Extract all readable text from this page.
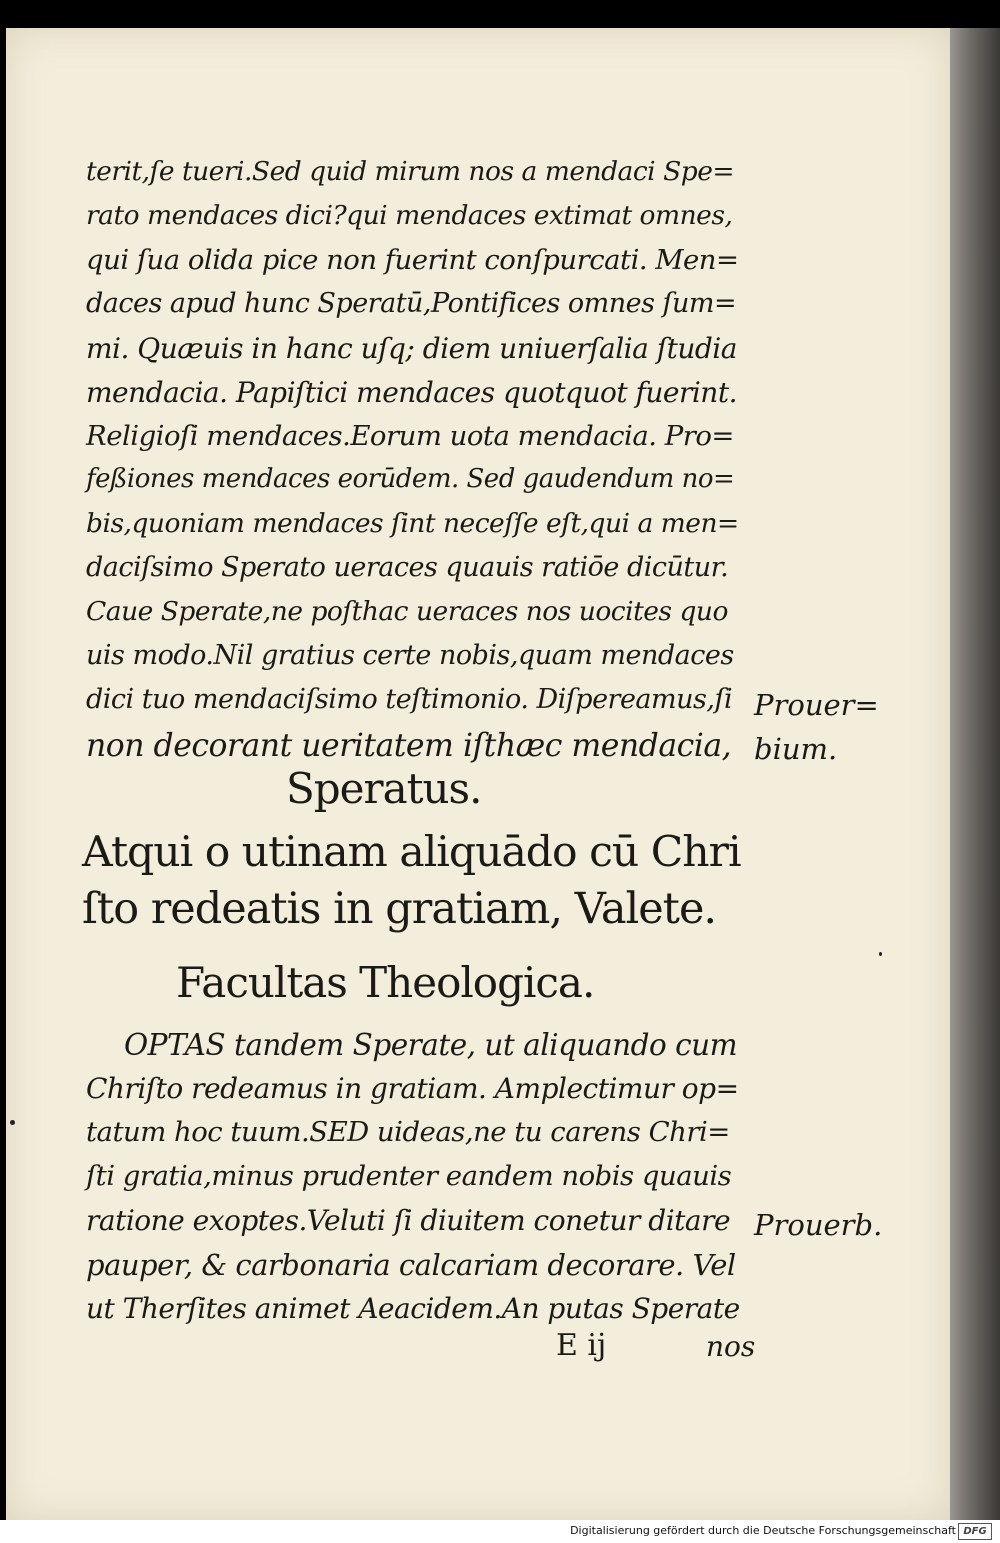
terit,ſe tueri.Sed quid mirum nos a mendaci Spe=
rato mendaces dici?qui mendaces extimat omnes,
qui ſua olida pice non fuerint conſpurcati. Men=
daces apud hunc Speratū,Pontifices omnes ſum=
mi. Quæuis in hanc uſq; diem uniuerſalia ſtudia
mendacia. Papiſtici mendaces quotquot fuerint.
Religioſi mendaces.Eorum uota mendacia. Pro=
feßiones mendaces eorūdem. Sed gaudendum no=
bis,quoniam mendaces ſint neceſſe eſt,qui a men=
daciſsimo Sperato ueraces quauis ratiōe dicūtur.
Caue Sperate,ne poſthac ueraces nos uocites quo
uis modo.Nil gratius certe nobis,quam mendaces
dici tuo mendaciſsimo teſtimonio. Diſpereamus,ſi
non decorant ueritatem iſthæc mendacia,
Prouer=
bium.
Speratus.
Atqui o utinam aliquādo cū Chri
ſto redeatis in gratiam, Valete.
Facultas Theologica.
OPTAS tandem Sperate, ut aliquando cum
Chriſto redeamus in gratiam. Amplectimur op=
tatum hoc tuum.SED uideas,ne tu carens Chri=
ſti gratia,minus prudenter eandem nobis quauis
ratione exoptes.Veluti ſi diuitem conetur ditare
pauper, & carbonaria calcariam decorare. Vel
ut Therſites animet Aeacidem.An putas Sperate
Prouerb.
E ij	nos
Digitalisierung gefördert durch die Deutsche Forschungsgemeinschaft DFG
